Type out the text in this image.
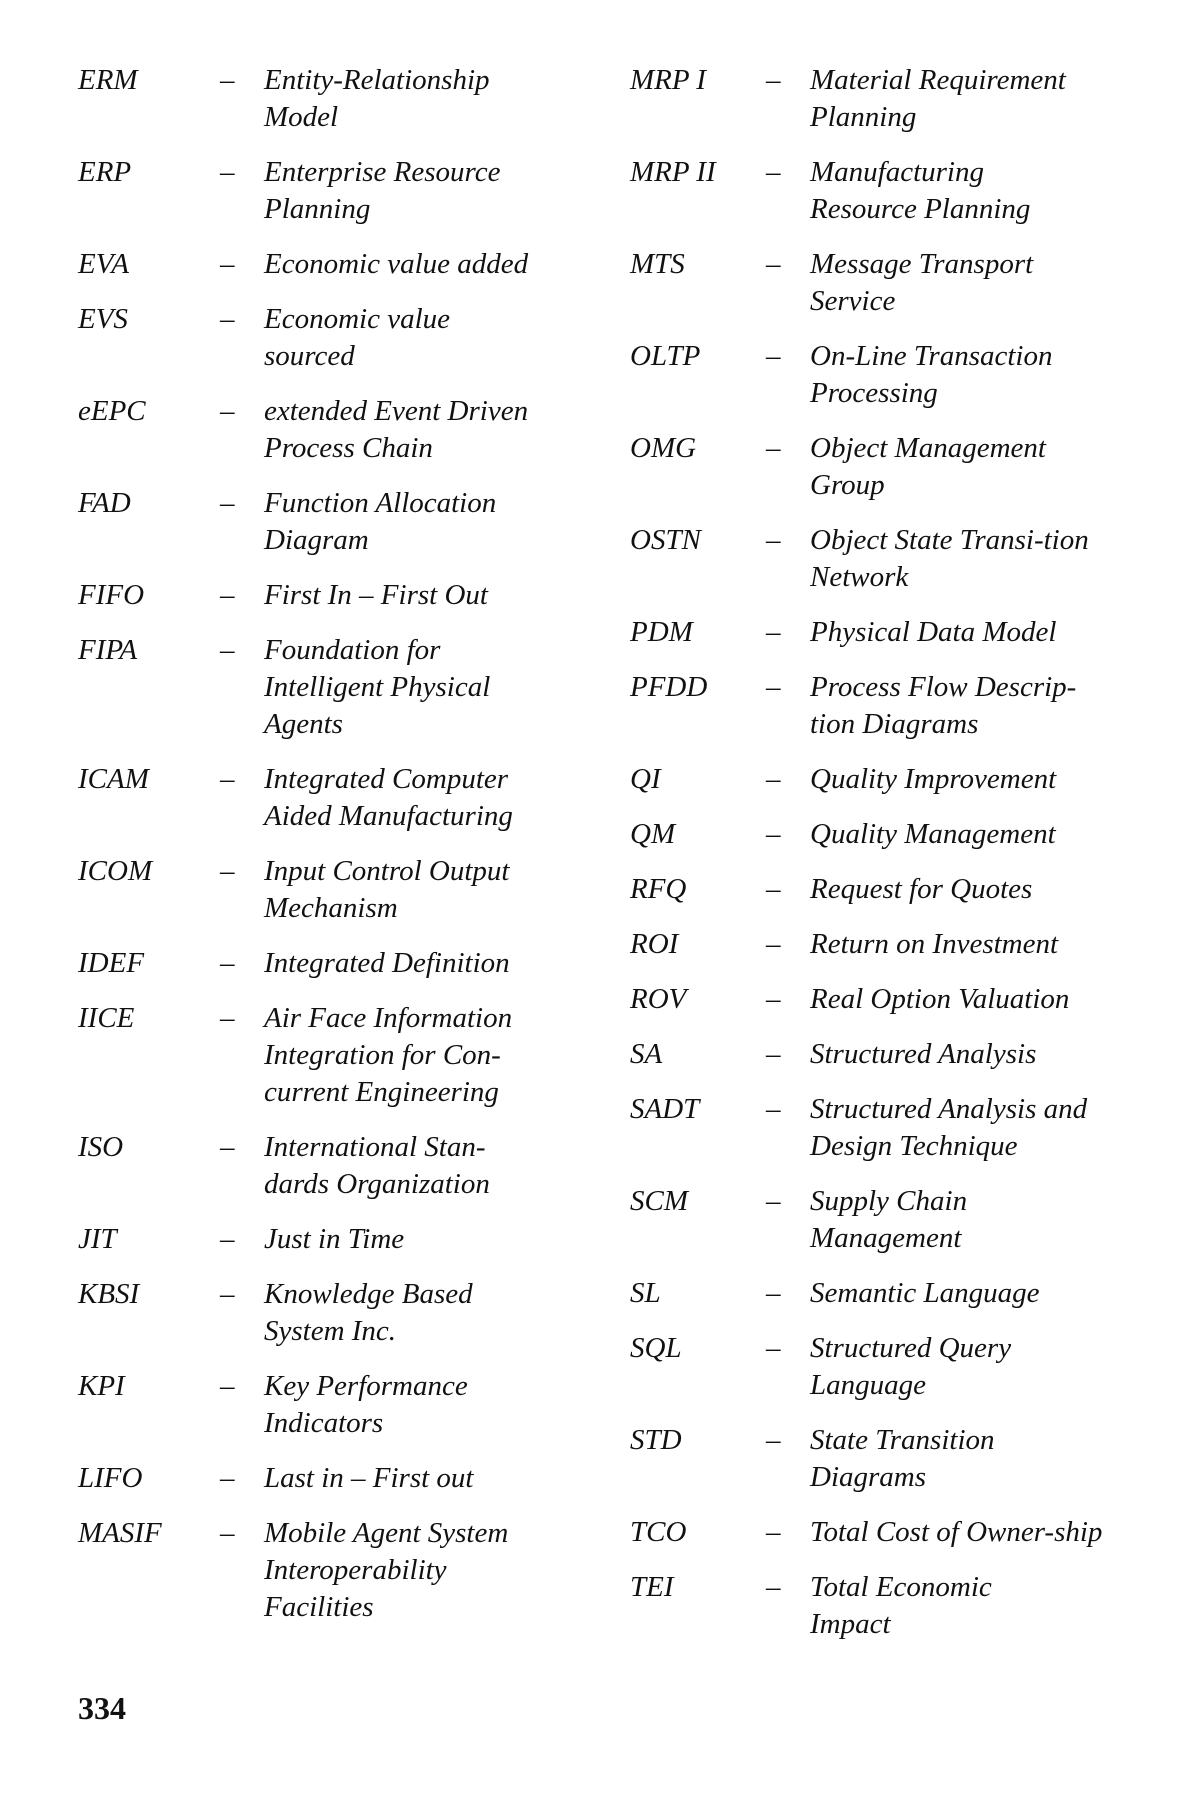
ERM	–	Entity-Relationship Model
ERP	–	Enterprise Resource Planning
EVA	–	Economic value added
EVS	–	Economic value sourced
eEPC	–	extended Event Driven Process Chain
FAD	–	Function Allocation Diagram
FIFO	–	First In – First Out
FIPA	–	Foundation for Intelligent Physical Agents
ICAM	–	Integrated Computer Aided Manufacturing
ICOM	–	Input Control Output Mechanism
IDEF	–	Integrated Definition
IICE	–	Air Face Information Integration for Con-current Engineering
ISO	–	International Stan-dards Organization
JIT	–	Just in Time
KBSI	–	Knowledge Based System Inc.
KPI	–	Key Performance Indicators
LIFO	–	Last in – First out
MASIF	–	Mobile Agent System Interoperability Facilities
MRP I	–	Material Requirement Planning
MRP II	–	Manufacturing Resource Planning
MTS	–	Message Transport Service
OLTP	–	On-Line Transaction Processing
OMG	–	Object Management Group
OSTN	–	Object State Transi-tion Network
PDM	–	Physical Data Model
PFDD	–	Process Flow Descrip-tion Diagrams
QI	–	Quality Improvement
QM	–	Quality Management
RFQ	–	Request for Quotes
ROI	–	Return on Investment
ROV	–	Real Option Valuation
SA	–	Structured Analysis
SADT	–	Structured Analysis and Design Technique
SCM	–	Supply Chain Management
SL	–	Semantic Language
SQL	–	Structured Query Language
STD	–	State Transition Diagrams
TCO	–	Total Cost of Owner-ship
TEI	–	Total Economic Impact
334
